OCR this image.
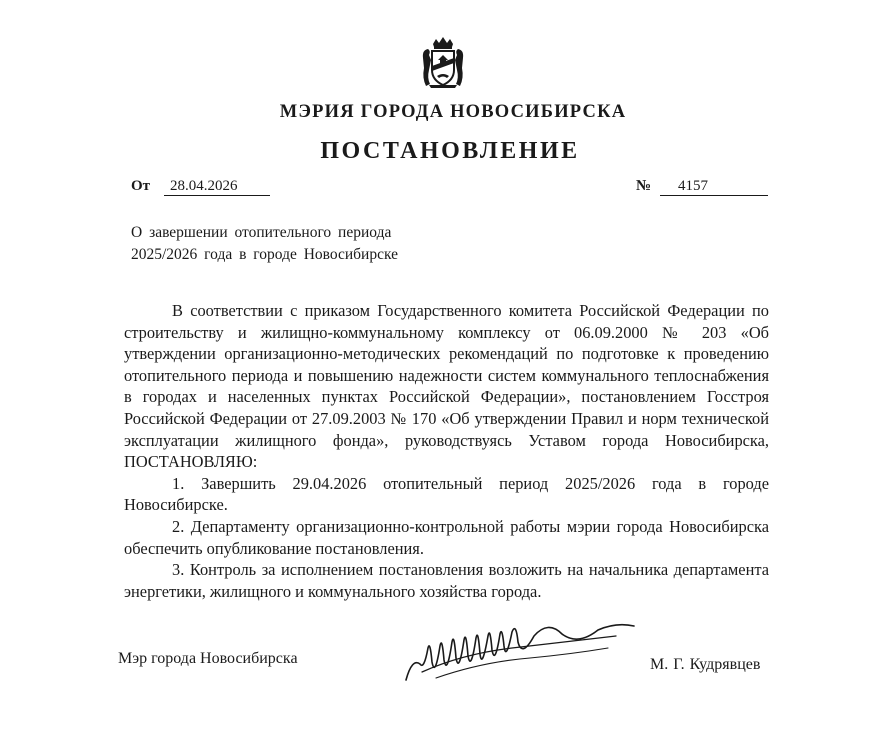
МЭРИЯ ГОРОДА НОВОСИБИРСКА
ПОСТАНОВЛЕНИЕ
От	28.04.2026	№	4157
О завершении отопительного периода
2025/2026 года в городе Новосибирске

В соответствии с приказом Государственного комитета Российской Федерации по строительству и жилищно-коммунальному комплексу от 06.09.2000 № 203 «Об утверждении организационно-методических рекомендаций по подготовке к проведению отопительного периода и повышению надежности систем коммунального теплоснабжения в городах и населенных пунктах Российской Федерации», постановлением Госстроя Российской Федерации от 27.09.2003 № 170 «Об утверждении Правил и норм технической эксплуатации жилищного фонда», руководствуясь Уставом города Новосибирска, ПОСТАНОВЛЯЮ:

1. Завершить 29.04.2026 отопительный период 2025/2026 года в городе Новосибирске.

2. Департаменту организационно-контрольной работы мэрии города Новосибирска обеспечить опубликование постановления.

3. Контроль за исполнением постановления возложить на начальника департамента энергетики, жилищного и коммунального хозяйства города.

Мэр города Новосибирска	М. Г. Кудрявцев
